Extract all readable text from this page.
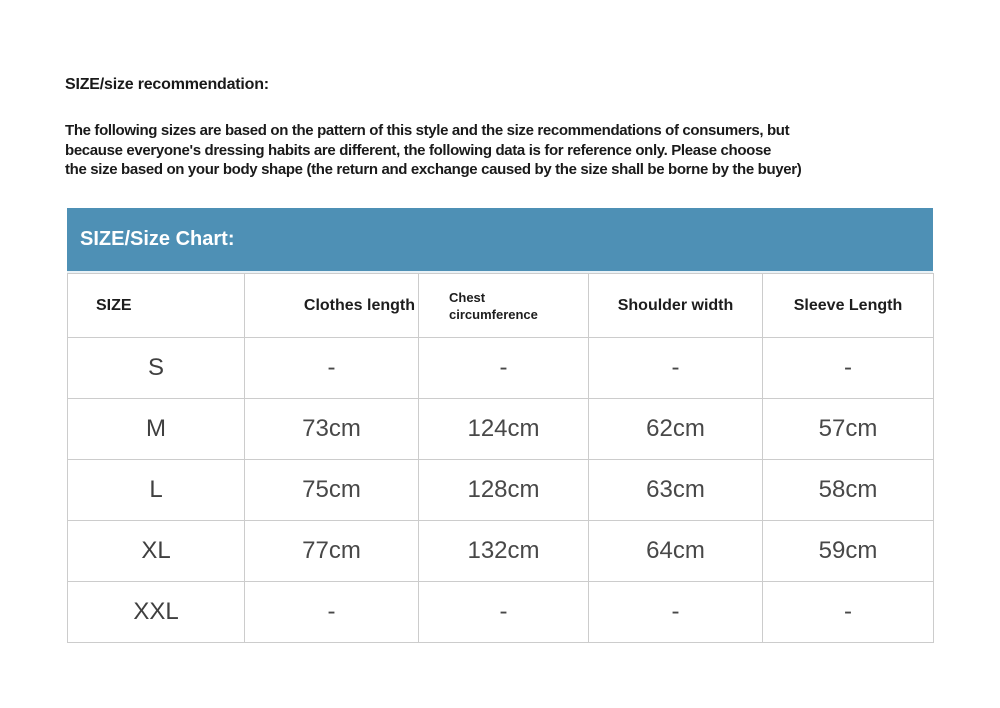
SIZE/size recommendation:
The following sizes are based on the pattern of this style and the size recommendations of consumers, but
because everyone's dressing habits are different, the following data is for reference only. Please choose
the size based on your body shape (the return and exchange caused by the size shall be borne by the buyer)
SIZE/Size Chart:
SIZE	Clothes length	Chest circumference	Shoulder width	Sleeve Length
S	-	-	-	-
M	73cm	124cm	62cm	57cm
L	75cm	128cm	63cm	58cm
XL	77cm	132cm	64cm	59cm
XXL	-	-	-	-
